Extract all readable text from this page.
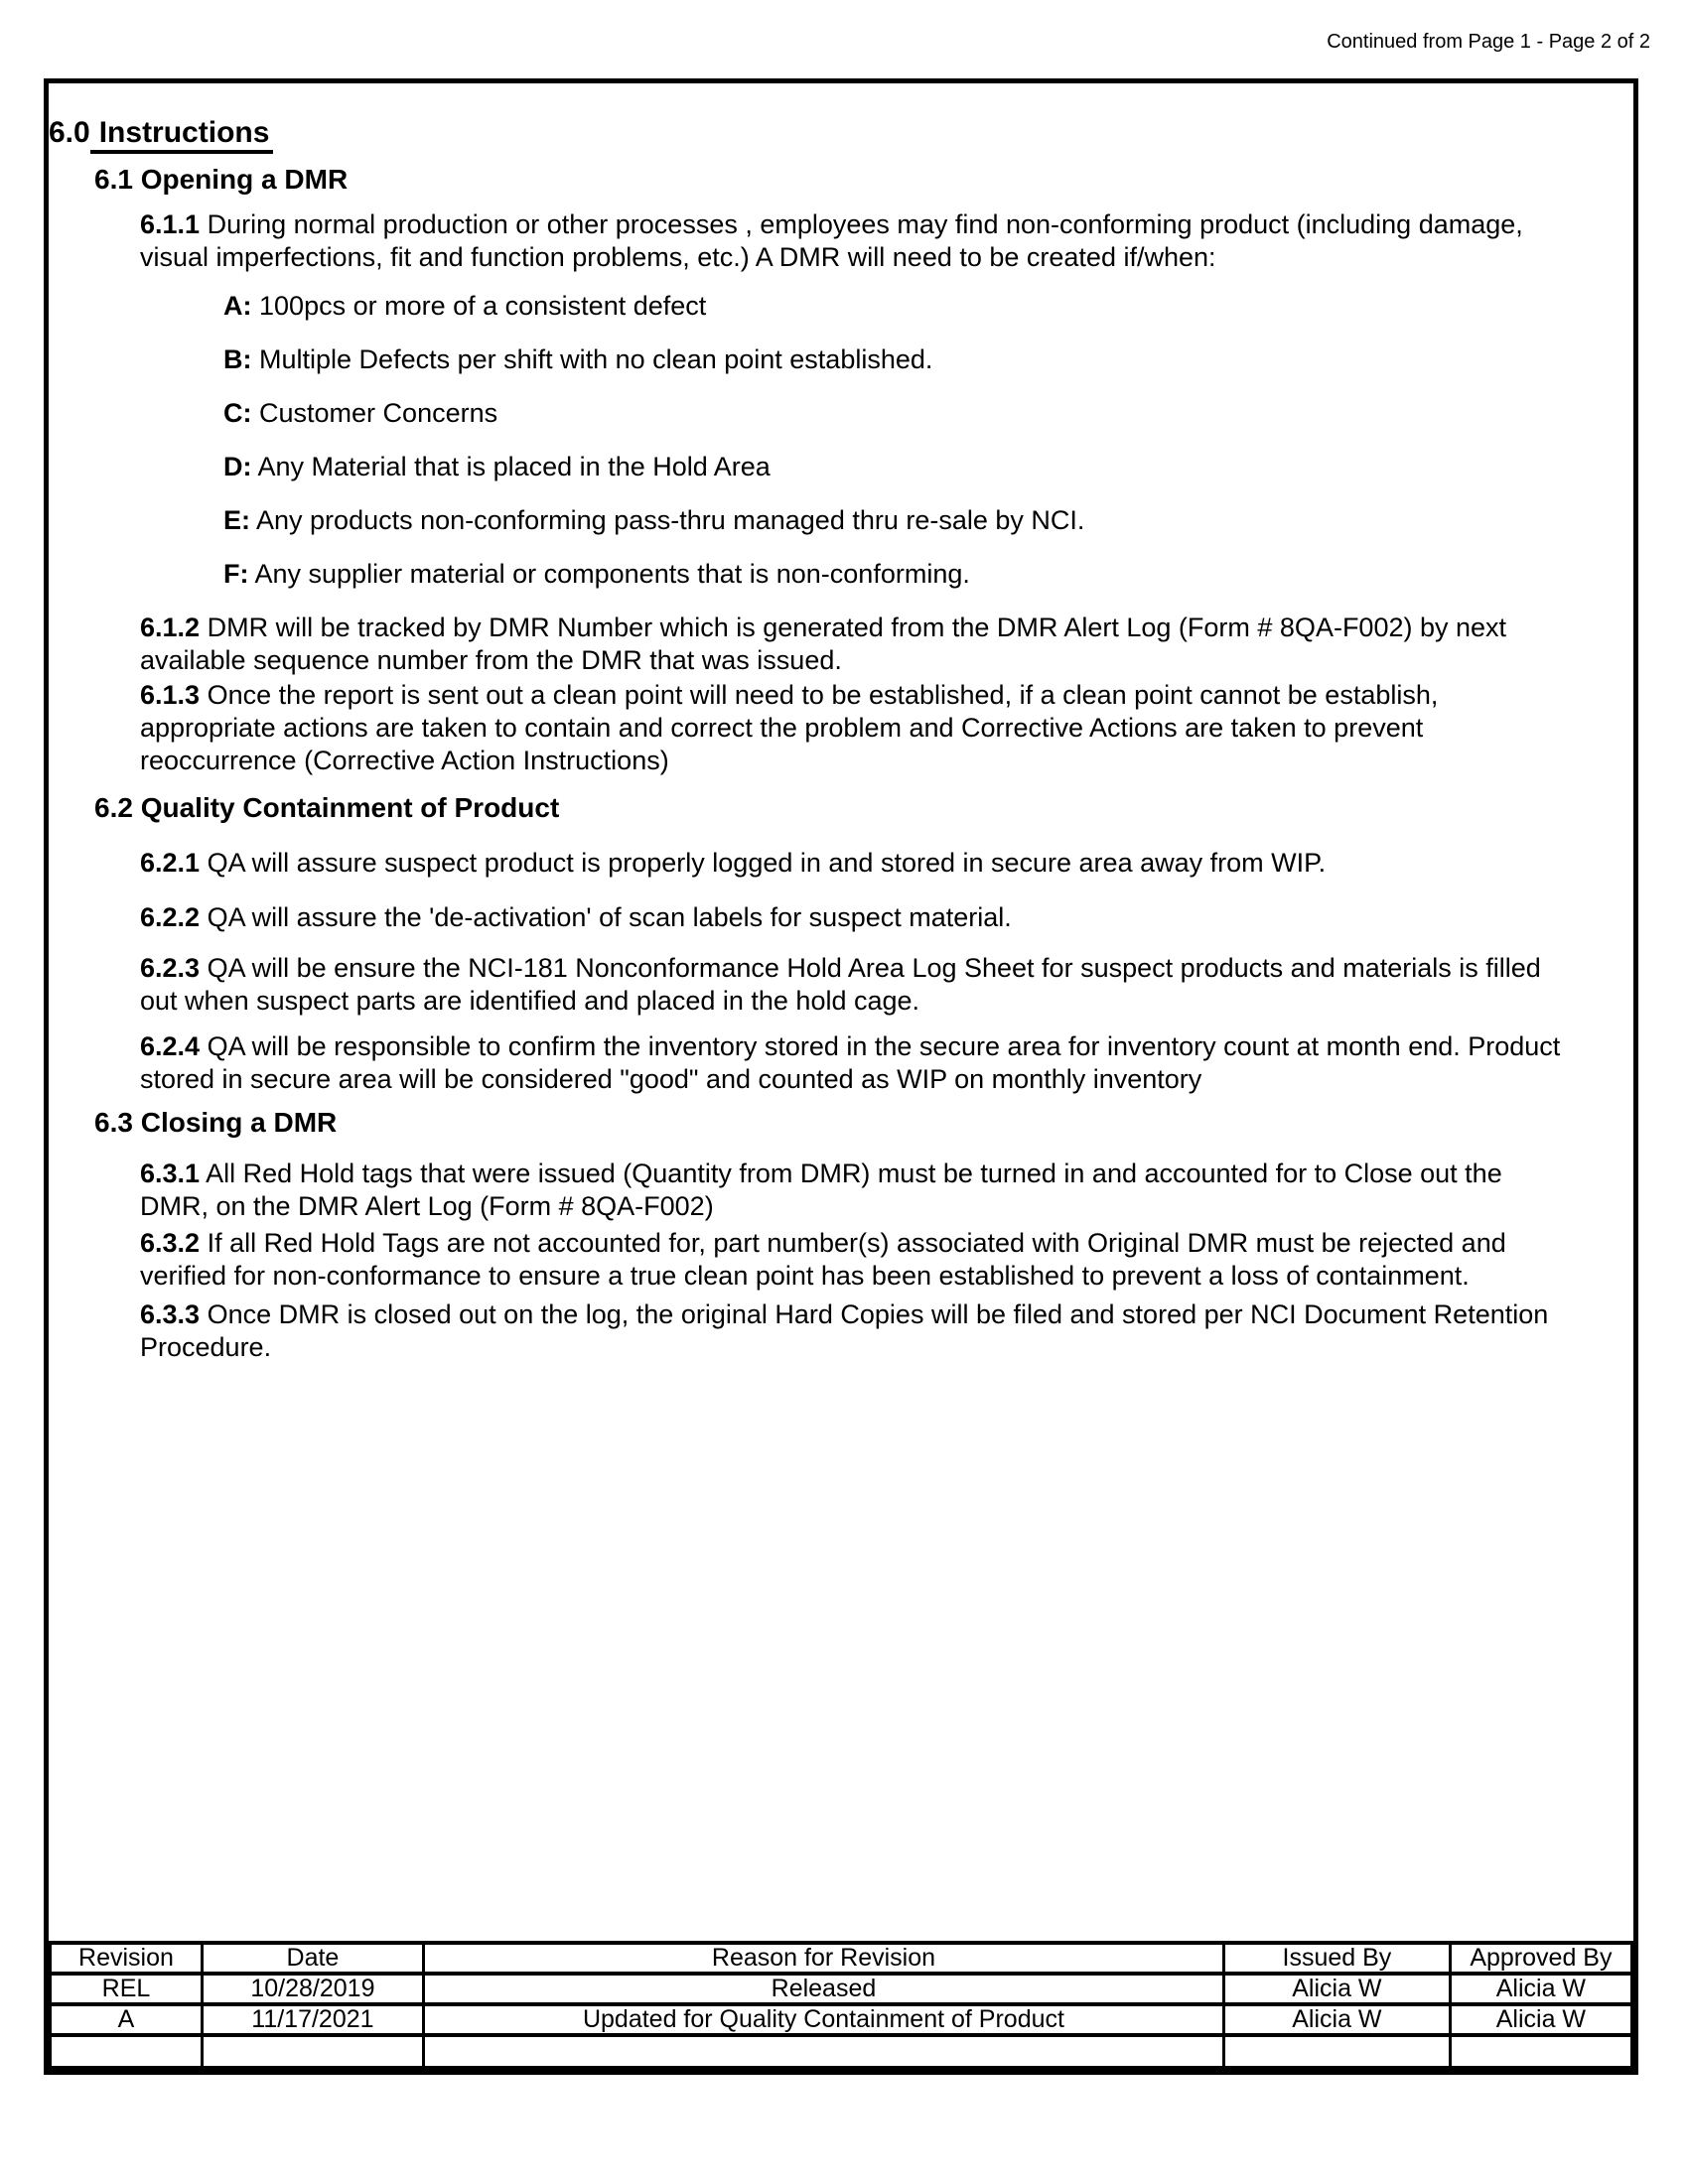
Continued from Page 1 - Page 2 of 2
6.0 Instructions
6.1 Opening a DMR

6.1.1 During normal production or other processes , employees may find non-conforming product (including damage, visual imperfections, fit and function problems, etc.) A DMR will need to be created if/when:

A: 100pcs or more of a consistent defect

B: Multiple Defects per shift with no clean point established.

C: Customer Concerns

D: Any Material that is placed in the Hold Area

E: Any products non-conforming pass-thru managed thru re-sale by NCI.

F: Any supplier material or components that is non-conforming.

6.1.2 DMR will be tracked by DMR Number which is generated from the DMR Alert Log (Form # 8QA-F002) by next available sequence number from the DMR that was issued.

6.1.3 Once the report is sent out a clean point will need to be established, if a clean point cannot be establish, appropriate actions are taken to contain and correct the problem and Corrective Actions are taken to prevent reoccurrence (Corrective Action Instructions)

6.2 Quality Containment of Product

6.2.1 QA will assure suspect product is properly logged in and stored in secure area away from WIP.

6.2.2 QA will assure the 'de-activation' of scan labels for suspect material.

6.2.3 QA will be ensure the NCI-181 Nonconformance Hold Area Log Sheet for suspect products and materials is filled out when suspect parts are identified and placed in the hold cage.

6.2.4 QA will be responsible to confirm the inventory stored in the secure area for inventory count at month end. Product stored in secure area will be considered "good" and counted as WIP on monthly inventory

6.3 Closing a DMR

6.3.1 All Red Hold tags that were issued (Quantity from DMR) must be turned in and accounted for to Close out the DMR, on the DMR Alert Log (Form # 8QA-F002)

6.3.2 If all Red Hold Tags are not accounted for, part number(s) associated with Original DMR must be rejected and verified for non-conformance to ensure a true clean point has been established to prevent a loss of containment.

6.3.3 Once DMR is closed out on the log, the original Hard Copies will be filed and stored per NCI Document Retention Procedure.

Revision	Date	Reason for Revision	Issued By	Approved By
REL	10/28/2019	Released	Alicia W	Alicia W
A	11/17/2021	Updated for Quality Containment of Product	Alicia W	Alicia W
